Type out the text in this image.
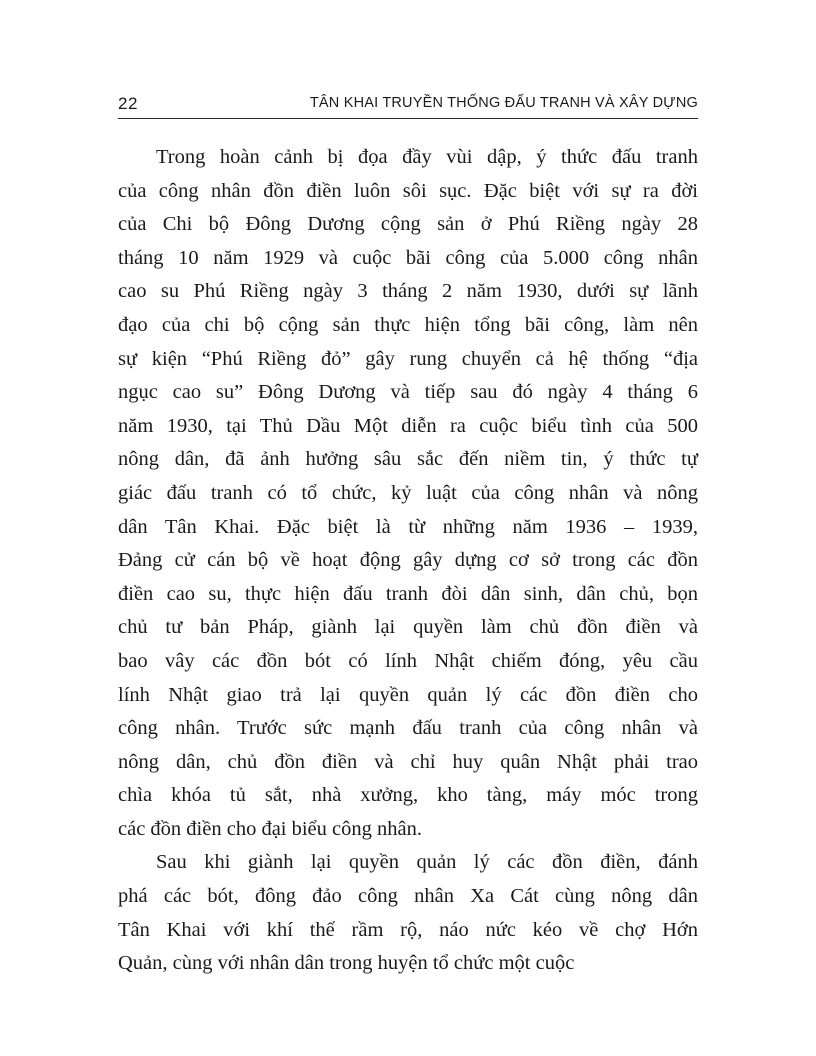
22	TÂN KHAI TRUYỀN THỐNG ĐẤU TRANH VÀ XÂY DỰNG
Trong hoàn cảnh bị đọa đầy vùi dập, ý thức đấu tranh
của công nhân đồn điền luôn sôi sục. Đặc biệt với sự ra đời
của Chi bộ Đông Dương cộng sản ở Phú Riềng ngày 28
tháng 10 năm 1929 và cuộc bãi công của 5.000 công nhân
cao su Phú Riềng ngày 3 tháng 2 năm 1930, dưới sự lãnh
đạo của chi bộ cộng sản thực hiện tổng bãi công, làm nên
sự kiện “Phú Riềng đỏ” gây rung chuyển cả hệ thống “địa
ngục cao su” Đông Dương và tiếp sau đó ngày 4 tháng 6
năm 1930, tại Thủ Dầu Một diễn ra cuộc biểu tình của 500
nông dân, đã ảnh hưởng sâu sắc đến niềm tin, ý thức tự
giác đấu tranh có tổ chức, kỷ luật của công nhân và nông
dân Tân Khai. Đặc biệt là từ những năm 1936 – 1939,
Đảng cử cán bộ về hoạt động gây dựng cơ sở trong các đồn
điền cao su, thực hiện đấu tranh đòi dân sinh, dân chủ, bọn
chủ tư bản Pháp, giành lại quyền làm chủ đồn điền và
bao vây các đồn bót có lính Nhật chiếm đóng, yêu cầu
lính Nhật giao trả lại quyền quản lý các đồn điền cho
công nhân. Trước sức mạnh đấu tranh của công nhân và
nông dân, chủ đồn điền và chỉ huy quân Nhật phải trao
chìa khóa tủ sắt, nhà xưởng, kho tàng, máy móc trong
các đồn điền cho đại biểu công nhân.
Sau khi giành lại quyền quản lý các đồn điền, đánh
phá các bót, đông đảo công nhân Xa Cát cùng nông dân
Tân Khai với khí thế rầm rộ, náo nức kéo về chợ Hớn
Quản, cùng với nhân dân trong huyện tổ chức một cuộc
